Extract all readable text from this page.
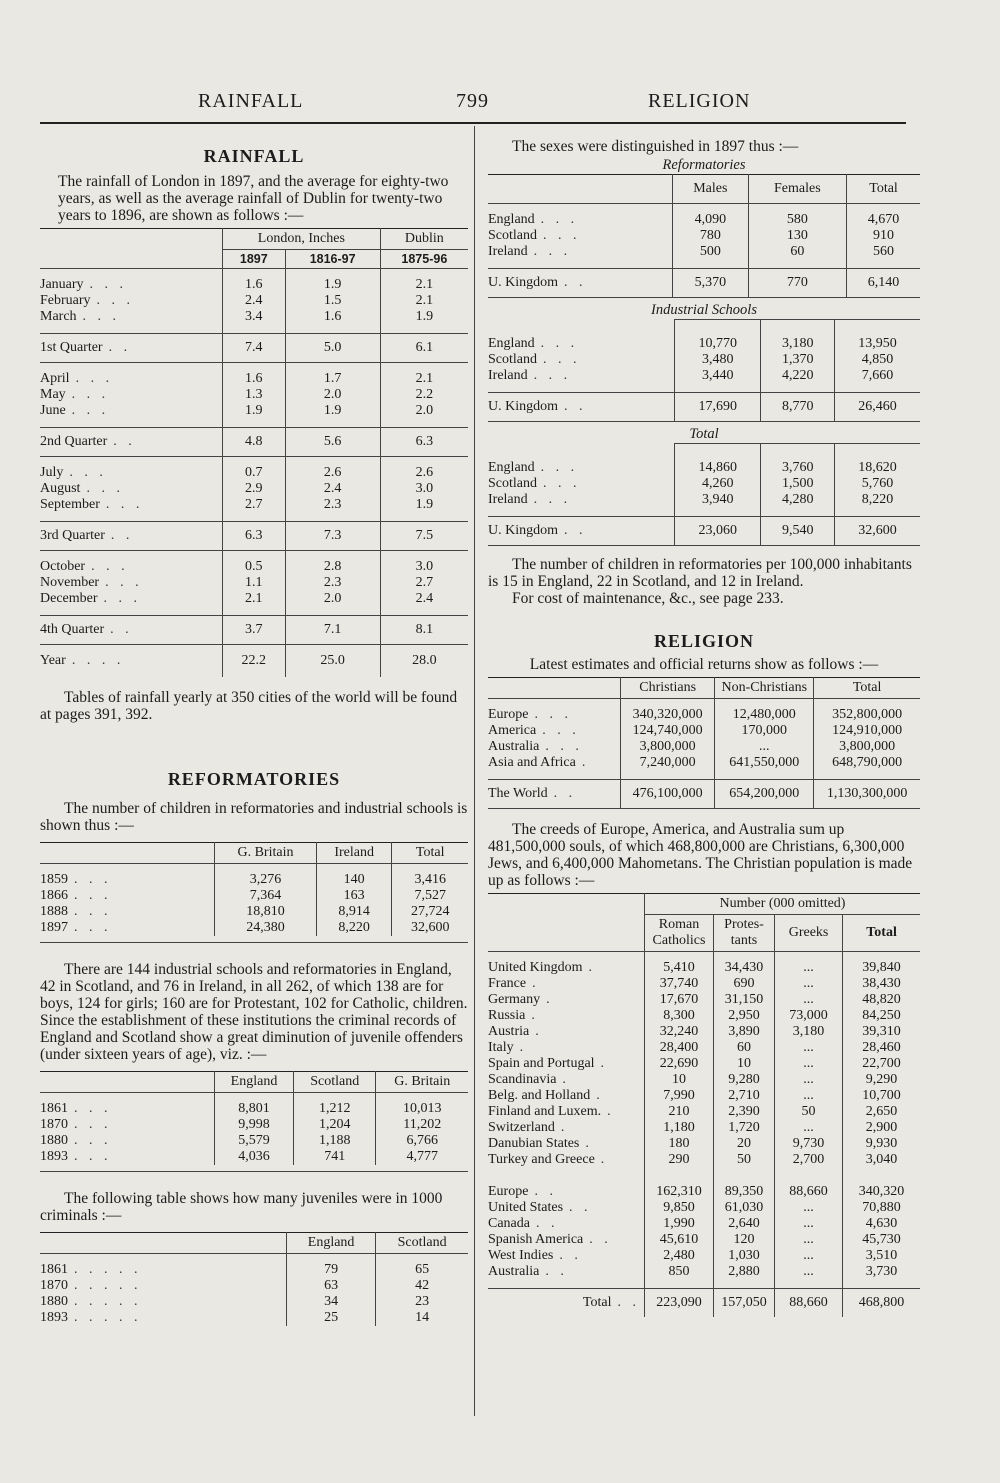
RAINFALL	799	RELIGION
RAINFALL

The rainfall of London in 1897, and the average for eighty-two years, as well as the average rainfall of Dublin for twenty-two years to 1896, are shown as follows :—

	London, Inches		Dublin
	1897	1816-97	1875-96

January . . .	1.6	1.9	2.1
February . . .	2.4	1.5	2.1
March . . .	3.4	1.6	1.9

1st Quarter . .	7.4	5.0	6.1

April . . .	1.6	1.7	2.1
May . . .	1.3	2.0	2.2
June . . .	1.9	1.9	2.0

2nd Quarter . .	4.8	5.6	6.3

July . . .	0.7	2.6	2.6
August . . .	2.9	2.4	3.0
September . . .	2.7	2.3	1.9

3rd Quarter . .	6.3	7.3	7.5

October . . .	0.5	2.8	3.0
November . . .	1.1	2.3	2.7
December . . .	2.1	2.0	2.4

4th Quarter . .	3.7	7.1	8.1

Year . . . .	22.2	25.0	28.0

Tables of rainfall yearly at 350 cities of the world will be found at pages 391, 392.

REFORMATORIES

The number of children in reformatories and industrial schools is shown thus :—

	G. Britain	Ireland	Total

1859 . . .	3,276	140	3,416
1866 . . .	7,364	163	7,527
1888 . . .	18,810	8,914	27,724
1897 . . .	24,380	8,220	32,600

There are 144 industrial schools and reformatories in England, 42 in Scotland, and 76 in Ireland, in all 262, of which 138 are for boys, 124 for girls; 160 are for Protestant, 102 for Catholic, children. Since the establishment of these institutions the criminal records of England and Scotland show a great diminution of juvenile offenders (under sixteen years of age), viz. :—

	England	Scotland	G. Britain

1861 . . .	8,801	1,212	10,013
1870 . . .	9,998	1,204	11,202
1880 . . .	5,579	1,188	6,766
1893 . . .	4,036	741	4,777

The following table shows how many juveniles were in 1000 criminals :—

	England	Scotland

1861 . . . . .	79	65
1870 . . . . .	63	42
1880 . . . . .	34	23
1893 . . . . .	25	14

The sexes were distinguished in 1897 thus :—

Reformatories
	Males	Females	Total

England . . .	4,090	580	4,670
Scotland . . .	780	130	910
Ireland . . .	500	60	560

U. Kingdom . .	5,370	770	6,140
Industrial Schools

England . . .	10,770	3,180	13,950
Scotland . . .	3,480	1,370	4,850
Ireland . . .	3,440	4,220	7,660

U. Kingdom . .	17,690	8,770	26,460
Total

England . . .	14,860	3,760	18,620
Scotland . . .	4,260	1,500	5,760
Ireland . . .	3,940	4,280	8,220

U. Kingdom . .	23,060	9,540	32,600

The number of children in reformatories per 100,000 inhabitants is 15 in England, 22 in Scotland, and 12 in Ireland.

For cost of maintenance, &c., see page 233.

RELIGION

Latest estimates and official returns show as follows :—

	Christians	Non-Christians	Total

Europe . . .	340,320,000	12,480,000	352,800,000
America . . .	124,740,000	170,000	124,910,000
Australia . . .	3,800,000	...	3,800,000
Asia and Africa .	7,240,000	641,550,000	648,790,000

The World . .	476,100,000	654,200,000	1,130,300,000

The creeds of Europe, America, and Australia sum up 481,500,000 souls, of which 468,800,000 are Christians, 6,300,000 Jews, and 6,400,000 Mahometans. The Christian population is made up as follows :—

	Number (000 omitted)			
	Roman Catholics	Protes-tants	Greeks	Total

United Kingdom .	5,410	34,430	...	39,840
France .	37,740	690	...	38,430
Germany .	17,670	31,150	...	48,820
Russia .	8,300	2,950	73,000	84,250
Austria .	32,240	3,890	3,180	39,310
Italy .	28,400	60	...	28,460
Spain and Portugal .	22,690	10	...	22,700
Scandinavia .	10	9,280	...	9,290
Belg. and Holland .	7,990	2,710	...	10,700
Finland and Luxem. .	210	2,390	50	2,650
Switzerland .	1,180	1,720	...	2,900
Danubian States .	180	20	9,730	9,930
Turkey and Greece .	290	50	2,700	3,040

Europe . .	162,310	89,350	88,660	340,320
United States . .	9,850	61,030	...	70,880
Canada . .	1,990	2,640	...	4,630
Spanish America . .	45,610	120	...	45,730
West Indies . .	2,480	1,030	...	3,510
Australia . .	850	2,880	...	3,730

Total . .	223,090	157,050	88,660	468,800
